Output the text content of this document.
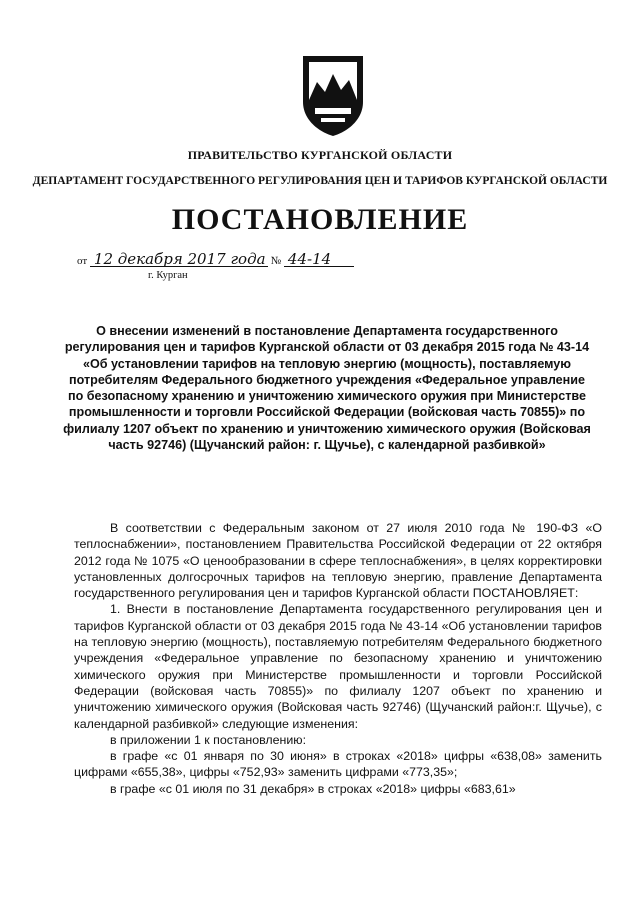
ПРАВИТЕЛЬСТВО КУРГАНСКОЙ ОБЛАСТИ
ДЕПАРТАМЕНТ ГОСУДАРСТВЕННОГО РЕГУЛИРОВАНИЯ ЦЕН И ТАРИФОВ КУРГАНСКОЙ ОБЛАСТИ
ПОСТАНОВЛЕНИЕ
от 12 декабря 2017 года № 44-14
г. Курган
О внесении изменений в постановление Департамента государственного регулирования цен и тарифов Курганской области от 03 декабря 2015 года № 43-14 «Об установлении тарифов на тепловую энергию (мощность), поставляемую потребителям Федерального бюджетного учреждения «Федеральное управление по безопасному хранению и уничтожению химического оружия при Министерстве промышленности и торговли Российской Федерации (войсковая часть 70855)» по филиалу 1207 объект по хранению и уничтожению химического оружия (Войсковая часть 92746) (Щучанский район: г. Щучье), с календарной разбивкой»

В соответствии с Федеральным законом от 27 июля 2010 года № 190-ФЗ «О теплоснабжении», постановлением Правительства Российской Федерации от 22 октября 2012 года № 1075 «О ценообразовании в сфере теплоснабжения», в целях корректировки установленных долгосрочных тарифов на тепловую энергию, правление Департамента государственного регулирования цен и тарифов Курганской области ПОСТАНОВЛЯЕТ:

1. Внести в постановление Департамента государственного регулирования цен и тарифов Курганской области от 03 декабря 2015 года № 43-14 «Об установлении тарифов на тепловую энергию (мощность), поставляемую потребителям Федерального бюджетного учреждения «Федеральное управление по безопасному хранению и уничтожению химического оружия при Министерстве промышленности и торговли Российской Федерации (войсковая часть 70855)» по филиалу 1207 объект по хранению и уничтожению химического оружия (Войсковая часть 92746) (Щучанский район:г. Щучье), с календарной разбивкой» следующие изменения:

в приложении 1 к постановлению:

в графе «с 01 января по 30 июня» в строках «2018» цифры «638,08» заменить цифрами «655,38», цифры «752,93» заменить цифрами «773,35»;

в графе «с 01 июля по 31 декабря» в строках «2018» цифры «683,61»
